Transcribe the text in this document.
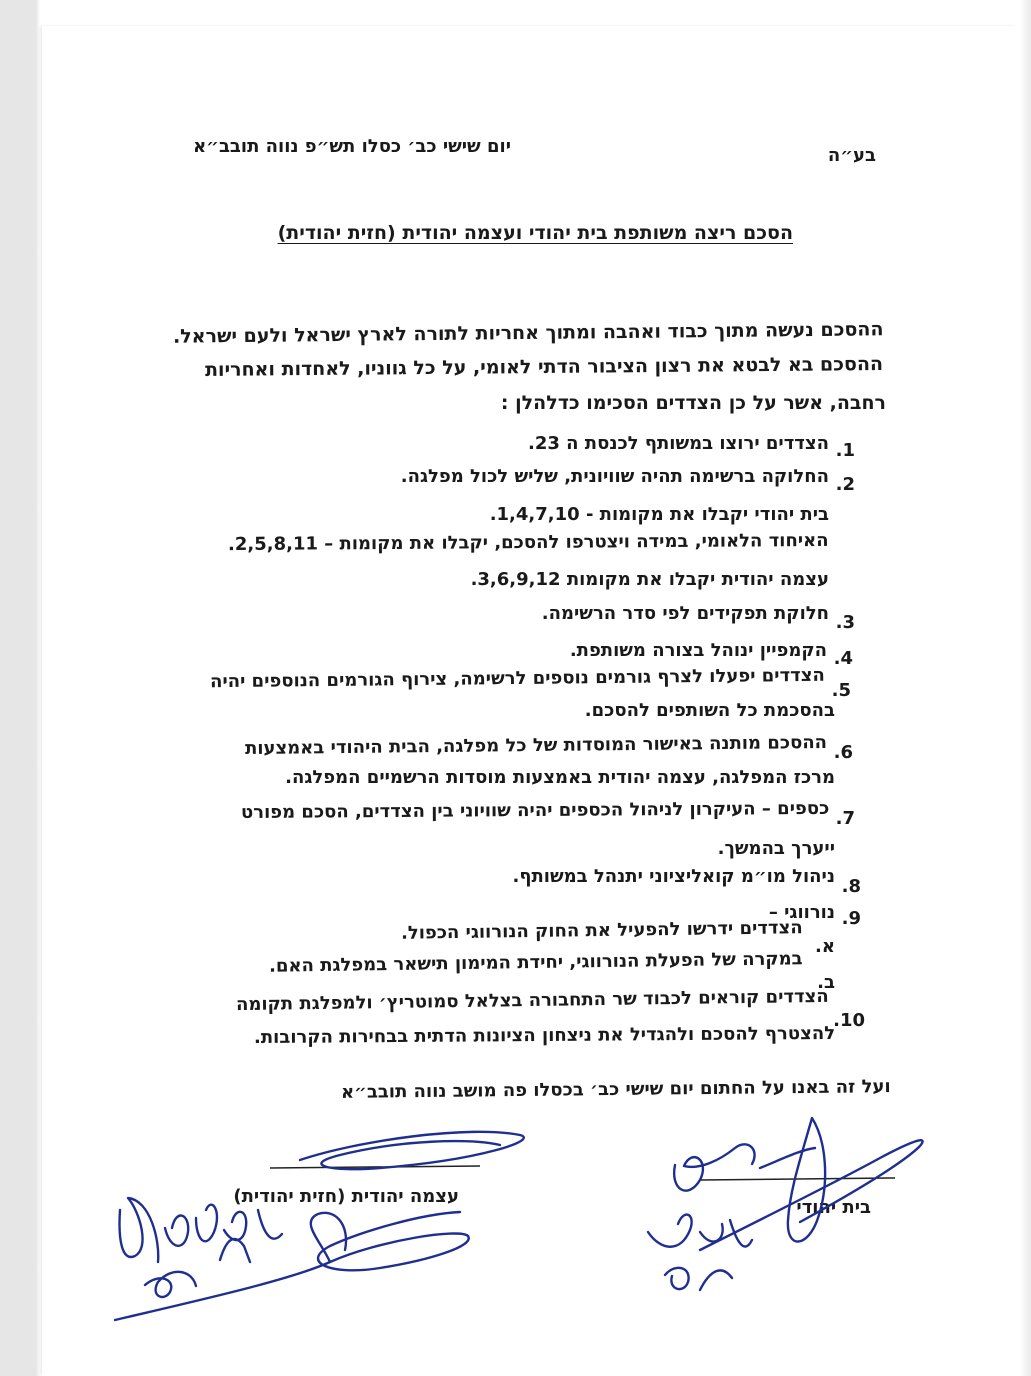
בע״ה
יום שישי כב׳ כסלו תש״פ נווה תובב״א
הסכם ריצה משותפת בית יהודי ועצמה יהודית (חזית יהודית)
ההסכם נעשה מתוך כבוד ואהבה ומתוך אחריות לתורה לארץ ישראל ולעם ישראל.
ההסכם בא לבטא את רצון הציבור הדתי לאומי, על כל גווניו, לאחדות ואחריות
רחבה, אשר על כן הצדדים הסכימו כדלהלן :
1.
הצדדים ירוצו במשותף לכנסת ה 23.
2.
החלוקה ברשימה תהיה שוויונית, שליש לכול מפלגה.
בית יהודי יקבלו את מקומות - 1,4,7,10.
האיחוד הלאומי, במידה ויצטרפו להסכם, יקבלו את מקומות – 2,5,8,11.
עצמה יהודית יקבלו את מקומות 3,6,9,12.
3.
חלוקת תפקידים לפי סדר הרשימה.
4.
הקמפיין ינוהל בצורה משותפת.
5.
הצדדים יפעלו לצרף גורמים נוספים לרשימה, צירוף הגורמים הנוספים יהיה
בהסכמת כל השותפים להסכם.
6.
ההסכם מותנה באישור המוסדות של כל מפלגה, הבית היהודי באמצעות
מרכז המפלגה, עצמה יהודית באמצעות מוסדות הרשמיים המפלגה.
7.
כספים – העיקרון לניהול הכספים יהיה שוויוני בין הצדדים, הסכם מפורט
ייערך בהמשך.
8.
ניהול מו״מ קואליציוני יתנהל במשותף.
9.
נורווגי –
א.
הצדדים ידרשו להפעיל את החוק הנורווגי הכפול.
ב.
במקרה של הפעלת הנורווגי, יחידת המימון תישאר במפלגת האם.
10.
הצדדים קוראים לכבוד שר התחבורה בצלאל סמוטריץ׳ ולמפלגת תקומה
להצטרף להסכם ולהגדיל את ניצחון הציונות הדתית בבחירות הקרובות.
ועל זה באנו על החתום יום שישי כב׳ בכסלו פה מושב נווה תובב״א
עצמה יהודית (חזית יהודית)
בית יהודי
